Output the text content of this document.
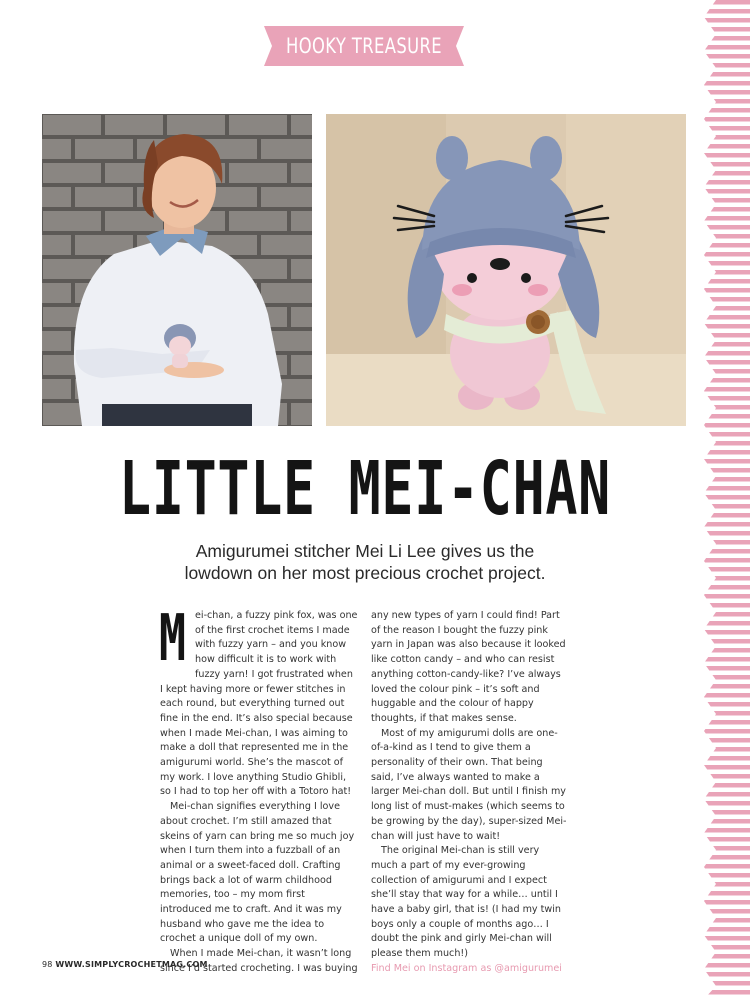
HOOKY TREASURE
LITTLE MEI-CHAN
Amigurumei stitcher Mei Li Lee gives us the
lowdown on her most precious crochet project.
M ei-chan, a fuzzy pink fox, was one of the first crochet items I made with fuzzy yarn – and you know how difficult it is to work with fuzzy yarn! I got frustrated when I kept having more or fewer stitches in each round, but everything turned out fine in the end. It’s also special because when I made Mei-chan, I was aiming to make a doll that represented me in the amigurumi world. She’s the mascot of my work. I love anything Studio Ghibli, so I had to top her off with a Totoro hat!

Mei-chan signifies everything I love about crochet. I’m still amazed that skeins of yarn can bring me so much joy when I turn them into a fuzzball of an animal or a sweet-faced doll. Crafting brings back a lot of warm childhood memories, too – my mom first introduced me to craft. And it was my husband who gave me the idea to crochet a unique doll of my own.

When I made Mei-chan, it wasn’t long since I’d started crocheting. I was buying

any new types of yarn I could find! Part of the reason I bought the fuzzy pink yarn in Japan was also because it looked like cotton candy – and who can resist anything cotton-candy-like? I’ve always loved the colour pink – it’s soft and huggable and the colour of happy thoughts, if that makes sense.

Most of my amigurumi dolls are one-of-a-kind as I tend to give them a personality of their own. That being said, I’ve always wanted to make a larger Mei-chan doll. But until I finish my long list of must-makes (which seems to be growing by the day), super-sized Mei-chan will just have to wait!

The original Mei-chan is still very much a part of my ever-growing collection of amigurumi and I expect she’ll stay that way for a while… until I have a baby girl, that is! (I had my twin boys only a couple of months ago… I doubt the pink and girly Mei-chan will please them much!)

Find Mei on Instagram as @amigurumei

98 WWW.SIMPLYCROCHETMAG.COM
